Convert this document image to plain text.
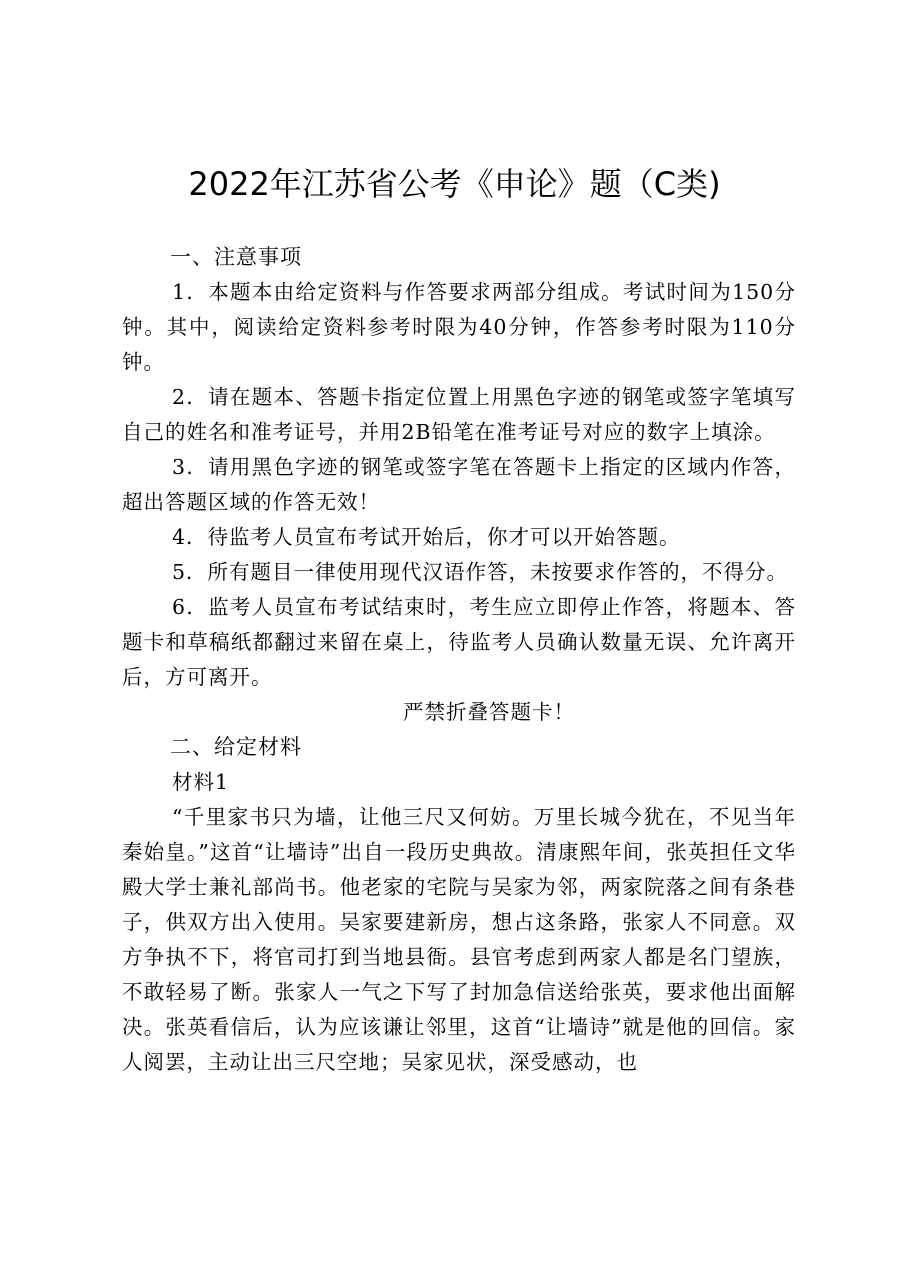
2022年江苏省公考《申论》题（C类)
一、注意事项

1．本题本由给定资料与作答要求两部分组成。考试时间为150分钟。其中，阅读给定资料参考时限为40分钟，作答参考时限为110分钟。

2．请在题本、答题卡指定位置上用黑色字迹的钢笔或签字笔填写自己的姓名和准考证号，并用2B铅笔在准考证号对应的数字上填涂。

3．请用黑色字迹的钢笔或签字笔在答题卡上指定的区域内作答，超出答题区域的作答无效！

4．待监考人员宣布考试开始后，你才可以开始答题。

5．所有题目一律使用现代汉语作答，未按要求作答的，不得分。

6．监考人员宣布考试结束时，考生应立即停止作答，将题本、答题卡和草稿纸都翻过来留在桌上，待监考人员确认数量无误、允许离开后，方可离开。

严禁折叠答题卡！

二、给定材料

材料1

“千里家书只为墙，让他三尺又何妨。万里长城今犹在，不见当年秦始皇。”这首“让墙诗”出自一段历史典故。清康熙年间，张英担任文华殿大学士兼礼部尚书。他老家的宅院与吴家为邻，两家院落之间有条巷子，供双方出入使用。吴家要建新房，想占这条路，张家人不同意。双方争执不下，将官司打到当地县衙。县官考虑到两家人都是名门望族，不敢轻易了断。张家人一气之下写了封加急信送给张英，要求他出面解决。张英看信后，认为应该谦让邻里，这首“让墙诗”就是他的回信。家人阅罢，主动让出三尺空地；吴家见状，深受感动，也
